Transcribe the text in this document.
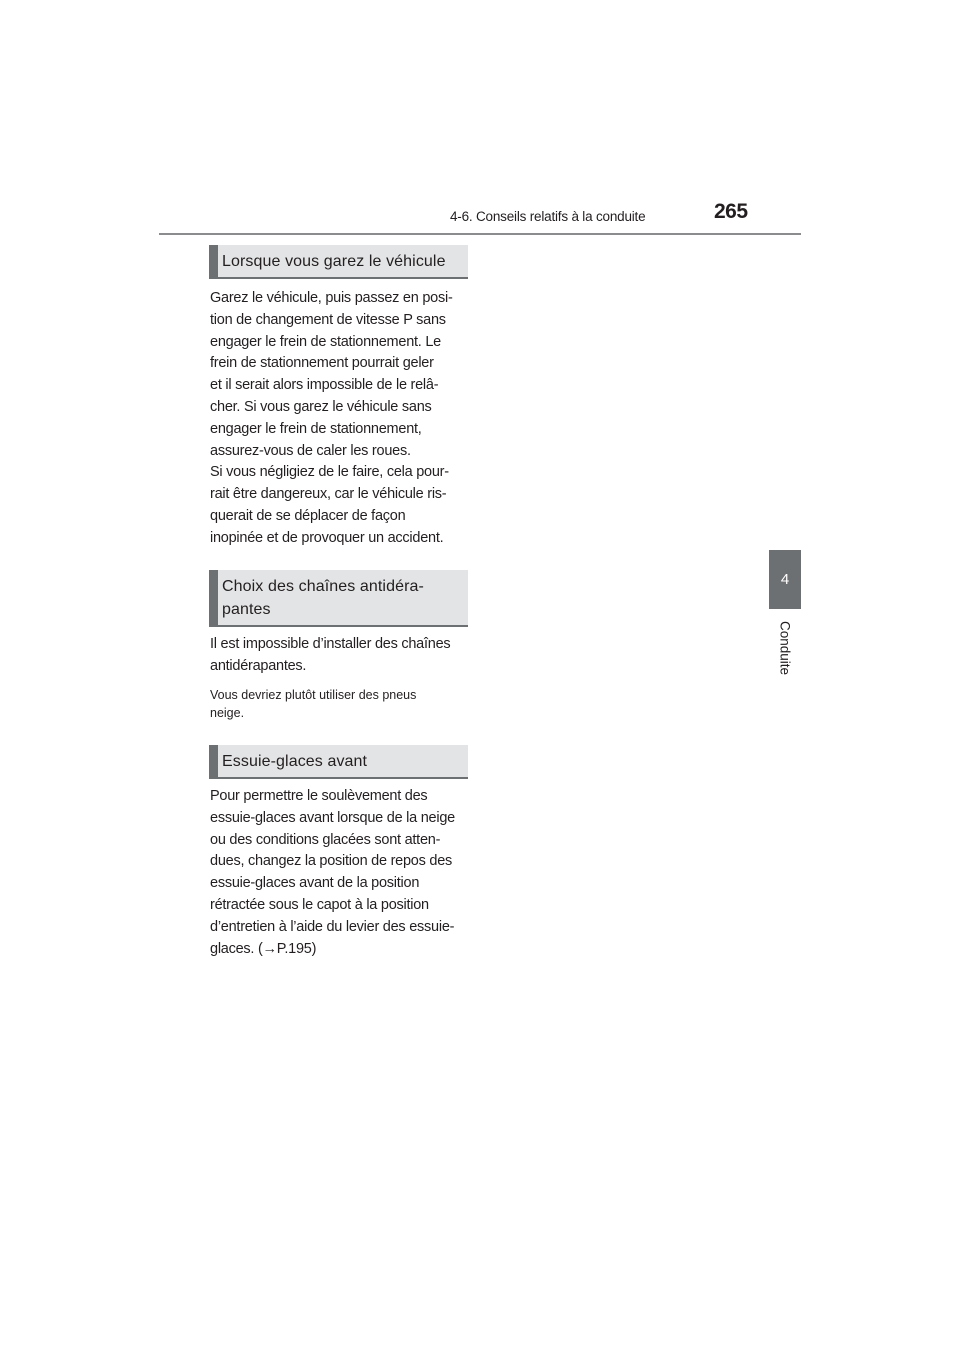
4-6. Conseils relatifs à la conduite	265
4
Conduite
Lorsque vous garez le véhicule

Garez le véhicule, puis passez en posi-
tion de changement de vitesse P sans
engager le frein de stationnement. Le
frein de stationnement pourrait geler
et il serait alors impossible de le relâ-
cher. Si vous garez le véhicule sans
engager le frein de stationnement,
assurez-vous de caler les roues.
Si vous négligiez de le faire, cela pour-
rait être dangereux, car le véhicule ris-
querait de se déplacer de façon
inopinée et de provoquer un accident.

Choix des chaînes antidéra-
pantes

Il est impossible d’installer des chaînes
antidérapantes.

Vous devriez plutôt utiliser des pneus
neige.

Essuie-glaces avant

Pour permettre le soulèvement des
essuie-glaces avant lorsque de la neige
ou des conditions glacées sont atten-
dues, changez la position de repos des
essuie-glaces avant de la position
rétractée sous le capot à la position
d’entretien à l’aide du levier des essuie-
glaces. (→P.195)
